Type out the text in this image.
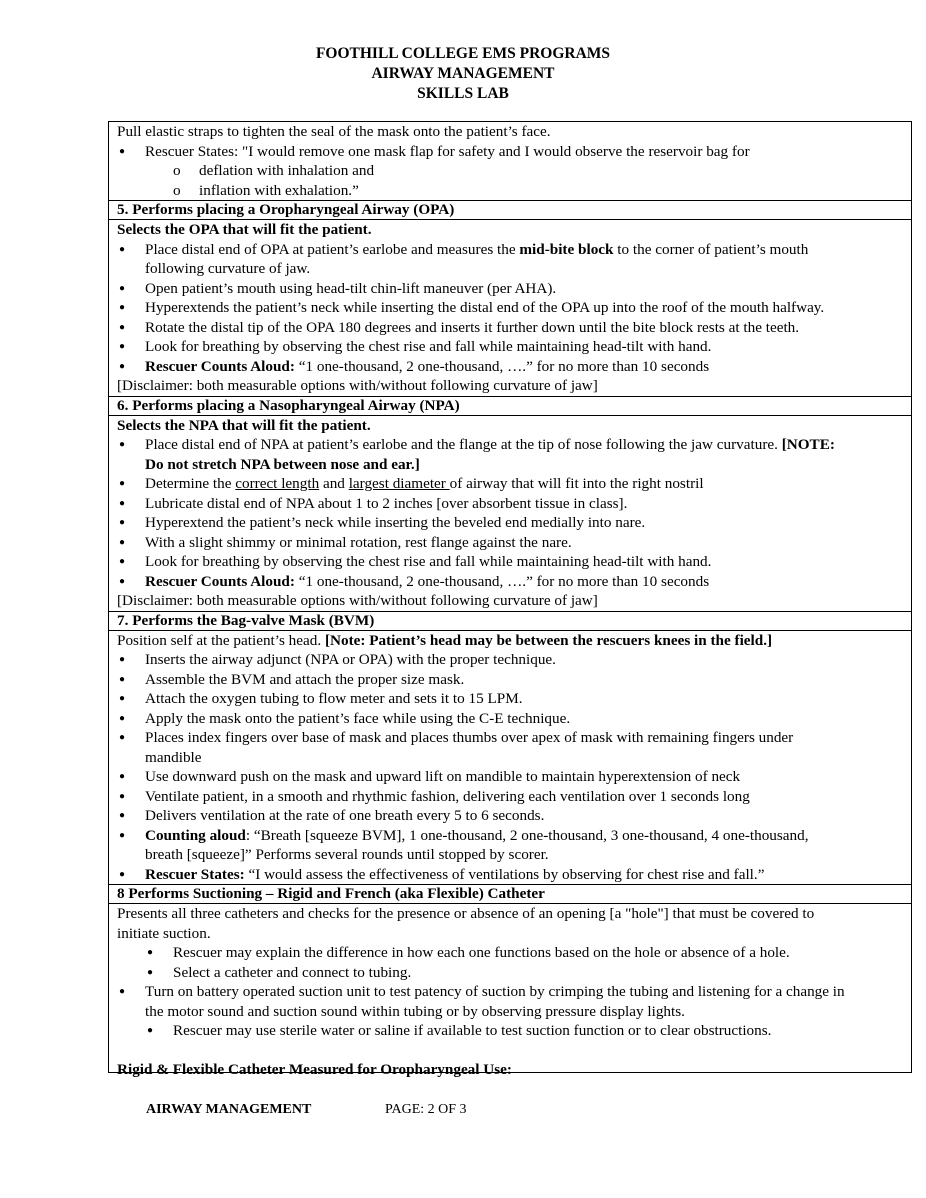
FOOTHILL COLLEGE EMS PROGRAMS
AIRWAY MANAGEMENT
SKILLS LAB
Pull elastic straps to tighten the seal of the mask onto the patient’s face.
● Rescuer States: "I would remove one mask flap for safety and I would observe the reservoir bag for
o deflation with inhalation and
o inflation with exhalation.”
5. Performs placing a Oropharyngeal Airway (OPA)
Selects the OPA that will fit the patient.
● Place distal end of OPA at patient’s earlobe and measures the mid-bite block to the corner of patient’s mouth
following curvature of jaw.
● Open patient’s mouth using head-tilt chin-lift maneuver (per AHA).
● Hyperextends the patient’s neck while inserting the distal end of the OPA up into the roof of the mouth halfway.
● Rotate the distal tip of the OPA 180 degrees and inserts it further down until the bite block rests at the teeth.
● Look for breathing by observing the chest rise and fall while maintaining head-tilt with hand.
● Rescuer Counts Aloud: “1 one-thousand, 2 one-thousand, ….” for no more than 10 seconds
[Disclaimer: both measurable options with/without following curvature of jaw]
6. Performs placing a Nasopharyngeal Airway (NPA)
Selects the NPA that will fit the patient.
● Place distal end of NPA at patient’s earlobe and the flange at the tip of nose following the jaw curvature. [NOTE:
Do not stretch NPA between nose and ear.]
● Determine the correct length and largest diameter of airway that will fit into the right nostril
● Lubricate distal end of NPA about 1 to 2 inches [over absorbent tissue in class].
● Hyperextend the patient’s neck while inserting the beveled end medially into nare.
● With a slight shimmy or minimal rotation, rest flange against the nare.
● Look for breathing by observing the chest rise and fall while maintaining head-tilt with hand.
● Rescuer Counts Aloud: “1 one-thousand, 2 one-thousand, ….” for no more than 10 seconds
[Disclaimer: both measurable options with/without following curvature of jaw]
7. Performs the Bag-valve Mask (BVM)
Position self at the patient’s head. [Note: Patient’s head may be between the rescuers knees in the field.]
● Inserts the airway adjunct (NPA or OPA) with the proper technique.
● Assemble the BVM and attach the proper size mask.
● Attach the oxygen tubing to flow meter and sets it to 15 LPM.
● Apply the mask onto the patient’s face while using the C-E technique.
● Places index fingers over base of mask and places thumbs over apex of mask with remaining fingers under
mandible
● Use downward push on the mask and upward lift on mandible to maintain hyperextension of neck
● Ventilate patient, in a smooth and rhythmic fashion, delivering each ventilation over 1 seconds long
● Delivers ventilation at the rate of one breath every 5 to 6 seconds.
● Counting aloud: “Breath [squeeze BVM], 1 one-thousand, 2 one-thousand, 3 one-thousand, 4 one-thousand,
breath [squeeze]” Performs several rounds until stopped by scorer.
● Rescuer States: “I would assess the effectiveness of ventilations by observing for chest rise and fall.”
8 Performs Suctioning – Rigid and French (aka Flexible) Catheter
Presents all three catheters and checks for the presence or absence of an opening [a "hole"] that must be covered to
initiate suction.
● Rescuer may explain the difference in how each one functions based on the hole or absence of a hole.
● Select a catheter and connect to tubing.
● Turn on battery operated suction unit to test patency of suction by crimping the tubing and listening for a change in
the motor sound and suction sound within tubing or by observing pressure display lights.
● Rescuer may use sterile water or saline if available to test suction function or to clear obstructions.
Rigid & Flexible Catheter Measured for Oropharyngeal Use:
AIRWAY MANAGEMENT	PAGE: 2 OF 3
